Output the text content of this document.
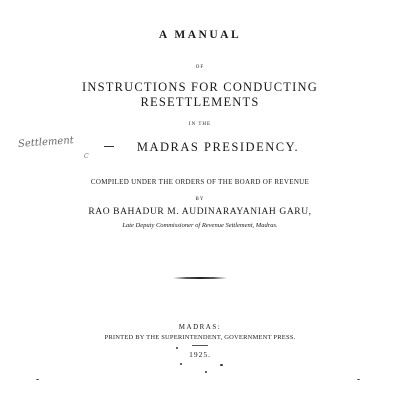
A MANUAL
OF
INSTRUCTIONS FOR CONDUCTING
RESETTLEMENTS
IN THE
Settlement
C
MADRAS PRESIDENCY.
COMPILED UNDER THE ORDERS OF THE BOARD OF REVENUE
BY
RAO BAHADUR M. AUDINARAYANIAH GARU,
Late Deputy Commissioner of Revenue Settlement, Madras.
MADRAS:
PRINTED BY THE SUPERINTENDENT, GOVERNMENT PRESS.
1925.
